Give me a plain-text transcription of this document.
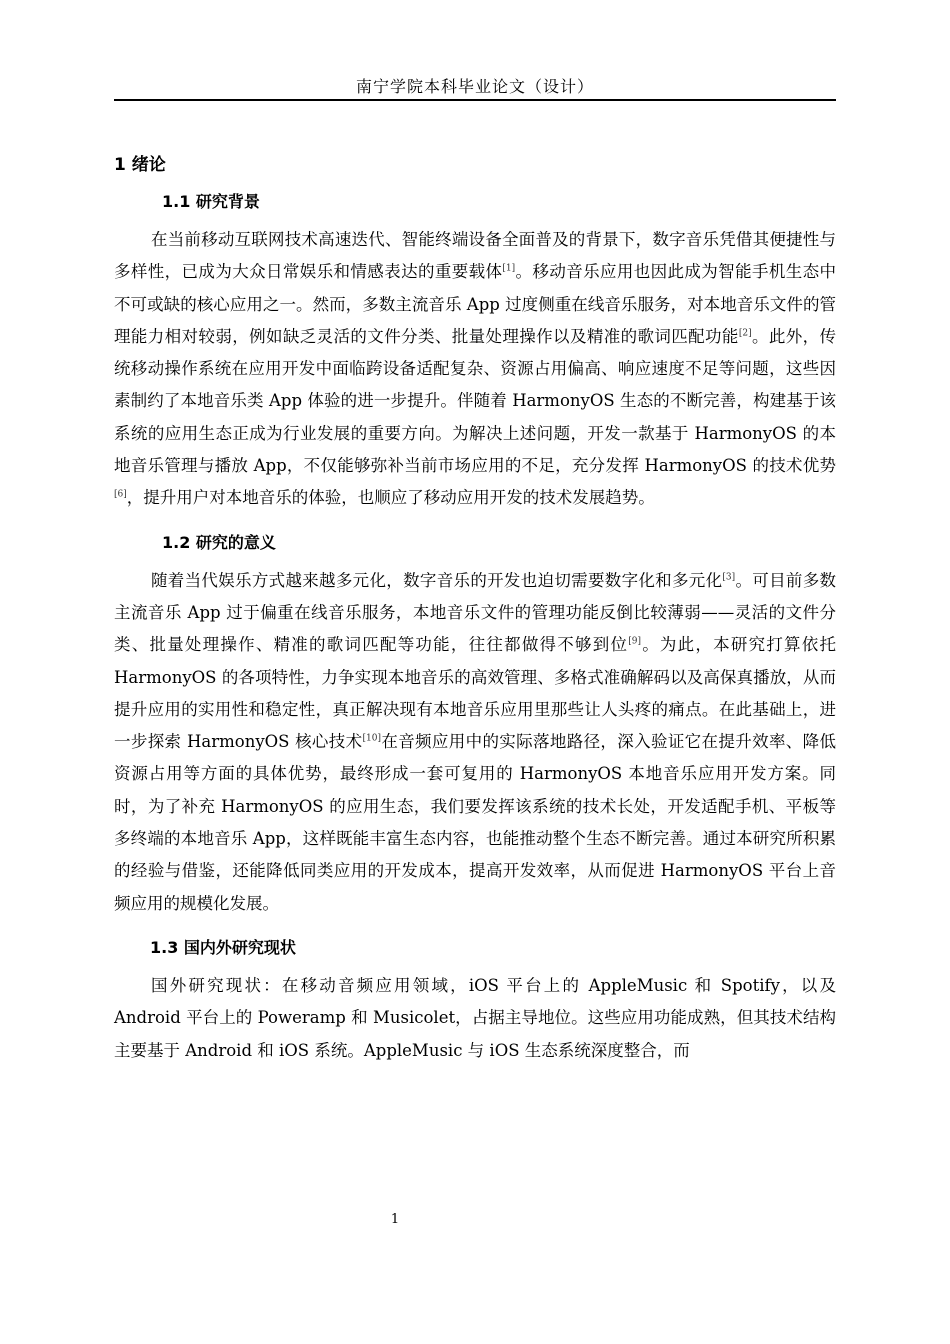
南宁学院本科毕业论文（设计）
1 绪论
1.1 研究背景

在当前移动互联网技术高速迭代、智能终端设备全面普及的背景下，数字音乐凭借其便捷性与多样性，已成为大众日常娱乐和情感表达的重要载体[1]。移动音乐应用也因此成为智能手机生态中不可或缺的核心应用之一。然而，多数主流音乐 App 过度侧重在线音乐服务，对本地音乐文件的管理能力相对较弱，例如缺乏灵活的文件分类、批量处理操作以及精准的歌词匹配功能[2]。此外，传统移动操作系统在应用开发中面临跨设备适配复杂、资源占用偏高、响应速度不足等问题，这些因素制约了本地音乐类 App 体验的进一步提升。伴随着 HarmonyOS 生态的不断完善，构建基于该系统的应用生态正成为行业发展的重要方向。为解决上述问题，开发一款基于 HarmonyOS 的本地音乐管理与播放 App，不仅能够弥补当前市场应用的不足，充分发挥 HarmonyOS 的技术优势[6]，提升用户对本地音乐的体验，也顺应了移动应用开发的技术发展趋势。

1.2 研究的意义

随着当代娱乐方式越来越多元化，数字音乐的开发也迫切需要数字化和多元化[3]。可目前多数主流音乐 App 过于偏重在线音乐服务，本地音乐文件的管理功能反倒比较薄弱——灵活的文件分类、批量处理操作、精准的歌词匹配等功能，往往都做得不够到位[9]。为此，本研究打算依托 HarmonyOS 的各项特性，力争实现本地音乐的高效管理、多格式准确解码以及高保真播放，从而提升应用的实用性和稳定性，真正解决现有本地音乐应用里那些让人头疼的痛点。在此基础上，进一步探索 HarmonyOS 核心技术[10]在音频应用中的实际落地路径，深入验证它在提升效率、降低资源占用等方面的具体优势，最终形成一套可复用的 HarmonyOS 本地音乐应用开发方案。同时，为了补充 HarmonyOS 的应用生态，我们要发挥该系统的技术长处，开发适配手机、平板等多终端的本地音乐 App，这样既能丰富生态内容，也能推动整个生态不断完善。通过本研究所积累的经验与借鉴，还能降低同类应用的开发成本，提高开发效率，从而促进 HarmonyOS 平台上音频应用的规模化发展。

1.3 国内外研究现状

国外研究现状：在移动音频应用领域，iOS 平台上的 AppleMusic 和 Spotify，以及 Android 平台上的 Poweramp 和 Musicolet，占据主导地位。这些应用功能成熟，但其技术结构主要基于 Android 和 iOS 系统。AppleMusic 与 iOS 生态系统深度整合，而

1
